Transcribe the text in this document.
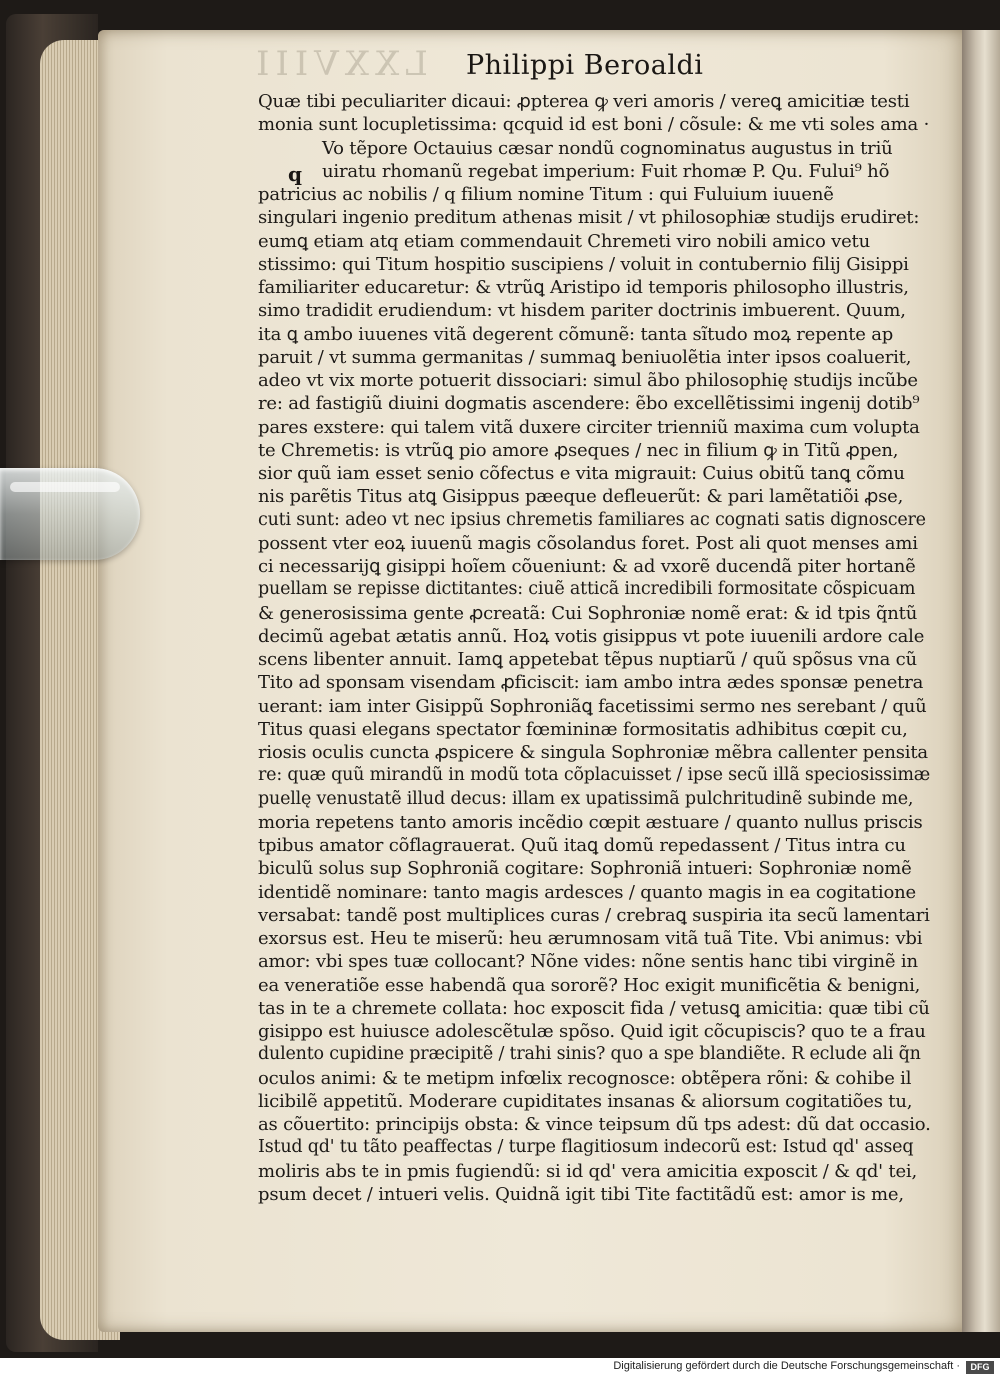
LXXVIII Philippi Beroaldi
q
Quæ tibi peculiariter dicaui: ꝓpterea ꝙ veri amoris / vereꝗ amicitiæ testi
monia sunt locupletissima: qcquid id est boni / cõsule: & me vti soles ama ·
Vo tẽpore Octauius cæsar nondũ cognominatus augustus in triũ
uiratu rhomanũ regebat imperium: Fuit rhomæ P. Qu. Fului⁹ hõ
patricius ac nobilis / q filium nomine Titum : qui Fuluium iuuenẽ
singulari ingenio preditum athenas misit / vt philosophiæ studijs erudiret:
eumꝗ etiam atq etiam commendauit Chremeti viro nobili amico vetu
stissimo: qui Titum hospitio suscipiens / voluit in contubernio filij Gisippi
familiariter educaretur: & vtrũꝗ Aristipo id temporis philosopho illustris,
simo tradidit erudiendum: vt hisdem pariter doctrinis imbuerent. Quum,
ita ꝗ ambo iuuenes vitã degerent cõmunẽ: tanta sĩtudo moꝝ repente ap
paruit / vt summa germanitas / summaꝗ beniuolẽtia inter ipsos coaluerit,
adeo vt vix morte potuerit dissociari: simul ãbo philosophię studijs incũbe
re: ad fastigiũ diuini dogmatis ascendere: ẽbo excellẽtissimi ingenij dotib⁹
pares exstere: qui talem vitã duxere circiter trienniũ maxima cum volupta
te Chremetis: is vtrũꝗ pio amore ꝓseques / nec in filium ꝙ in Titũ ꝓpen,
sior quũ iam esset senio cõfectus e vita migrauit: Cuius obitũ tanꝗ cõmu
nis parẽtis Titus atꝗ Gisippus pæeque defleuerũt: & pari lamẽtatiõi ꝓse,
cuti sunt: adeo vt nec ipsius chremetis familiares ac cognati satis dignoscere
possent vter eoꝝ iuuenũ magis cõsolandus foret. Post ali quot menses ami
ci necessarijꝗ gisippi hoĩem cõueniunt: & ad vxorẽ ducendã piter hortanẽ
puellam se repisse dictitantes: ciuẽ atticã incredibili formositate cõspicuam
& generosissima gente ꝓcreatã: Cui Sophroniæ nomẽ erat: & id tpis q̃ntũ
decimũ agebat ætatis annũ. Hoꝝ votis gisippus vt pote iuuenili ardore cale
scens libenter annuit. Iamꝗ appetebat tẽpus nuptiarũ / quũ spõsus vna cũ
Tito ad sponsam visendam ꝓficiscit: iam ambo intra ædes sponsæ penetra
uerant: iam inter Gisippũ Sophroniãꝗ facetissimi sermo nes serebant / quũ
Titus quasi elegans spectator fœmininæ formositatis adhibitus cœpit cu,
riosis oculis cuncta ꝓspicere & singula Sophroniæ mẽbra callenter pensita
re: quæ quũ mirandũ in modũ tota cõplacuisset / ipse secũ illã speciosissimæ
puellę venustatẽ illud decus: illam ex upatissimã pulchritudinẽ subinde me,
moria repetens tanto amoris incẽdio cœpit æstuare / quanto nullus priscis
tpibus amator cõflagrauerat. Quũ itaꝗ domũ repedassent / Titus intra cu
biculũ solus sup Sophroniã cogitare: Sophroniã intueri: Sophroniæ nomẽ
identidẽ nominare: tanto magis ardesces / quanto magis in ea cogitatione
versabat: tandẽ post multiplices curas / crebraꝗ suspiria ita secũ lamentari
exorsus est. Heu te miserũ: heu ærumnosam vitã tuã Tite. Vbi animus: vbi
amor: vbi spes tuæ collocant? Nõne vides: nõne sentis hanc tibi virginẽ in
ea veneratiõe esse habendã qua sororẽ? Hoc exigit munificẽtia & benigni,
tas in te a chremete collata: hoc exposcit fida / vetusꝗ amicitia: quæ tibi cũ
gisippo est huiusce adolescẽtulæ spõso. Quid igit cõcupiscis? quo te a frau
dulento cupidine præcipitẽ / trahi sinis? quo a spe blandiẽte. R eclude ali q̃n
oculos animi: & te metipm infœlix recognosce: obtẽpera rõni: & cohibe il
licibilẽ appetitũ. Moderare cupiditates insanas & aliorsum cogitatiões tu,
as cõuertito: principijs obsta: & vince teipsum dũ tps adest: dũ dat occasio.
Istud qd' tu tãto peaffectas / turpe flagitiosum indecorũ est: Istud qd' asseq
moliris abs te in pmis fugiendũ: si id qd' vera amicitia exposcit / & qd' tei,
psum decet / intueri velis. Quidnã igit tibi Tite factitãdũ est: amor is me,
Digitalisierung gefördert durch die Deutsche Forschungsgemeinschaft ·	DFG
